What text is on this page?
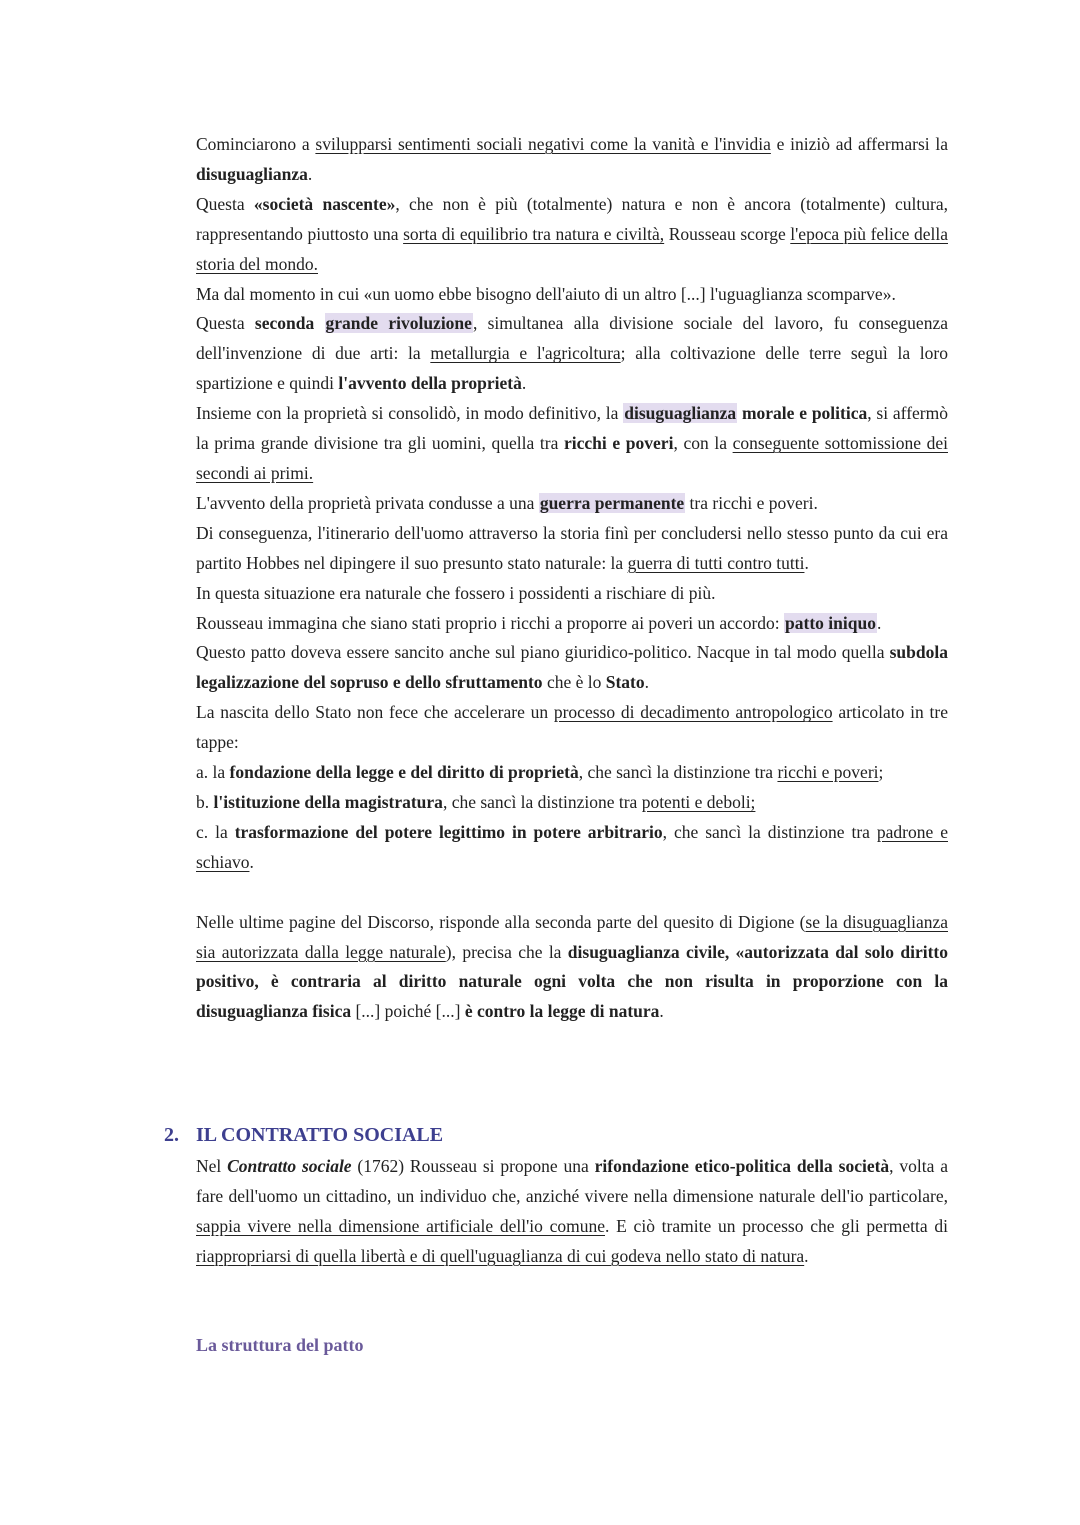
Cominciarono a svilupparsi sentimenti sociali negativi come la vanità e l'invidia e iniziò ad affermarsi la disuguaglianza.

Questa «società nascente», che non è più (totalmente) natura e non è ancora (totalmente) cultura, rappresentando piuttosto una sorta di equilibrio tra natura e civiltà, Rousseau scorge l'epoca più felice della storia del mondo.

Ma dal momento in cui «un uomo ebbe bisogno dell'aiuto di un altro [...] l'uguaglianza scomparve».

Questa seconda grande rivoluzione, simultanea alla divisione sociale del lavoro, fu conseguenza dell'invenzione di due arti: la metallurgia e l'agricoltura; alla coltivazione delle terre seguì la loro spartizione e quindi l'avvento della proprietà.

Insieme con la proprietà si consolidò, in modo definitivo, la disuguaglianza morale e politica, si affermò la prima grande divisione tra gli uomini, quella tra ricchi e poveri, con la conseguente sottomissione dei secondi ai primi.

L'avvento della proprietà privata condusse a una guerra permanente tra ricchi e poveri.

Di conseguenza, l'itinerario dell'uomo attraverso la storia finì per concludersi nello stesso punto da cui era partito Hobbes nel dipingere il suo presunto stato naturale: la guerra di tutti contro tutti.

In questa situazione era naturale che fossero i possidenti a rischiare di più.

Rousseau immagina che siano stati proprio i ricchi a proporre ai poveri un accordo: patto iniquo.

Questo patto doveva essere sancito anche sul piano giuridico-politico. Nacque in tal modo quella subdola legalizzazione del sopruso e dello sfruttamento che è lo Stato.

La nascita dello Stato non fece che accelerare un processo di decadimento antropologico articolato in tre tappe:

a. la fondazione della legge e del diritto di proprietà, che sancì la distinzione tra ricchi e poveri;

b. l'istituzione della magistratura, che sancì la distinzione tra potenti e deboli;

c. la trasformazione del potere legittimo in potere arbitrario, che sancì la distinzione tra padrone e schiavo.

Nelle ultime pagine del Discorso, risponde alla seconda parte del quesito di Digione (se la disuguaglianza sia autorizzata dalla legge naturale), precisa che la disuguaglianza civile, «autorizzata dal solo diritto positivo, è contraria al diritto naturale ogni volta che non risulta in proporzione con la disuguaglianza fisica [...] poiché [...] è contro la legge di natura.

2. IL CONTRATTO SOCIALE

Nel Contratto sociale (1762) Rousseau si propone una rifondazione etico-politica della società, volta a fare dell'uomo un cittadino, un individuo che, anziché vivere nella dimensione naturale dell'io particolare, sappia vivere nella dimensione artificiale dell'io comune. E ciò tramite un processo che gli permetta di riappropriarsi di quella libertà e di quell'uguaglianza di cui godeva nello stato di natura.

La struttura del patto
